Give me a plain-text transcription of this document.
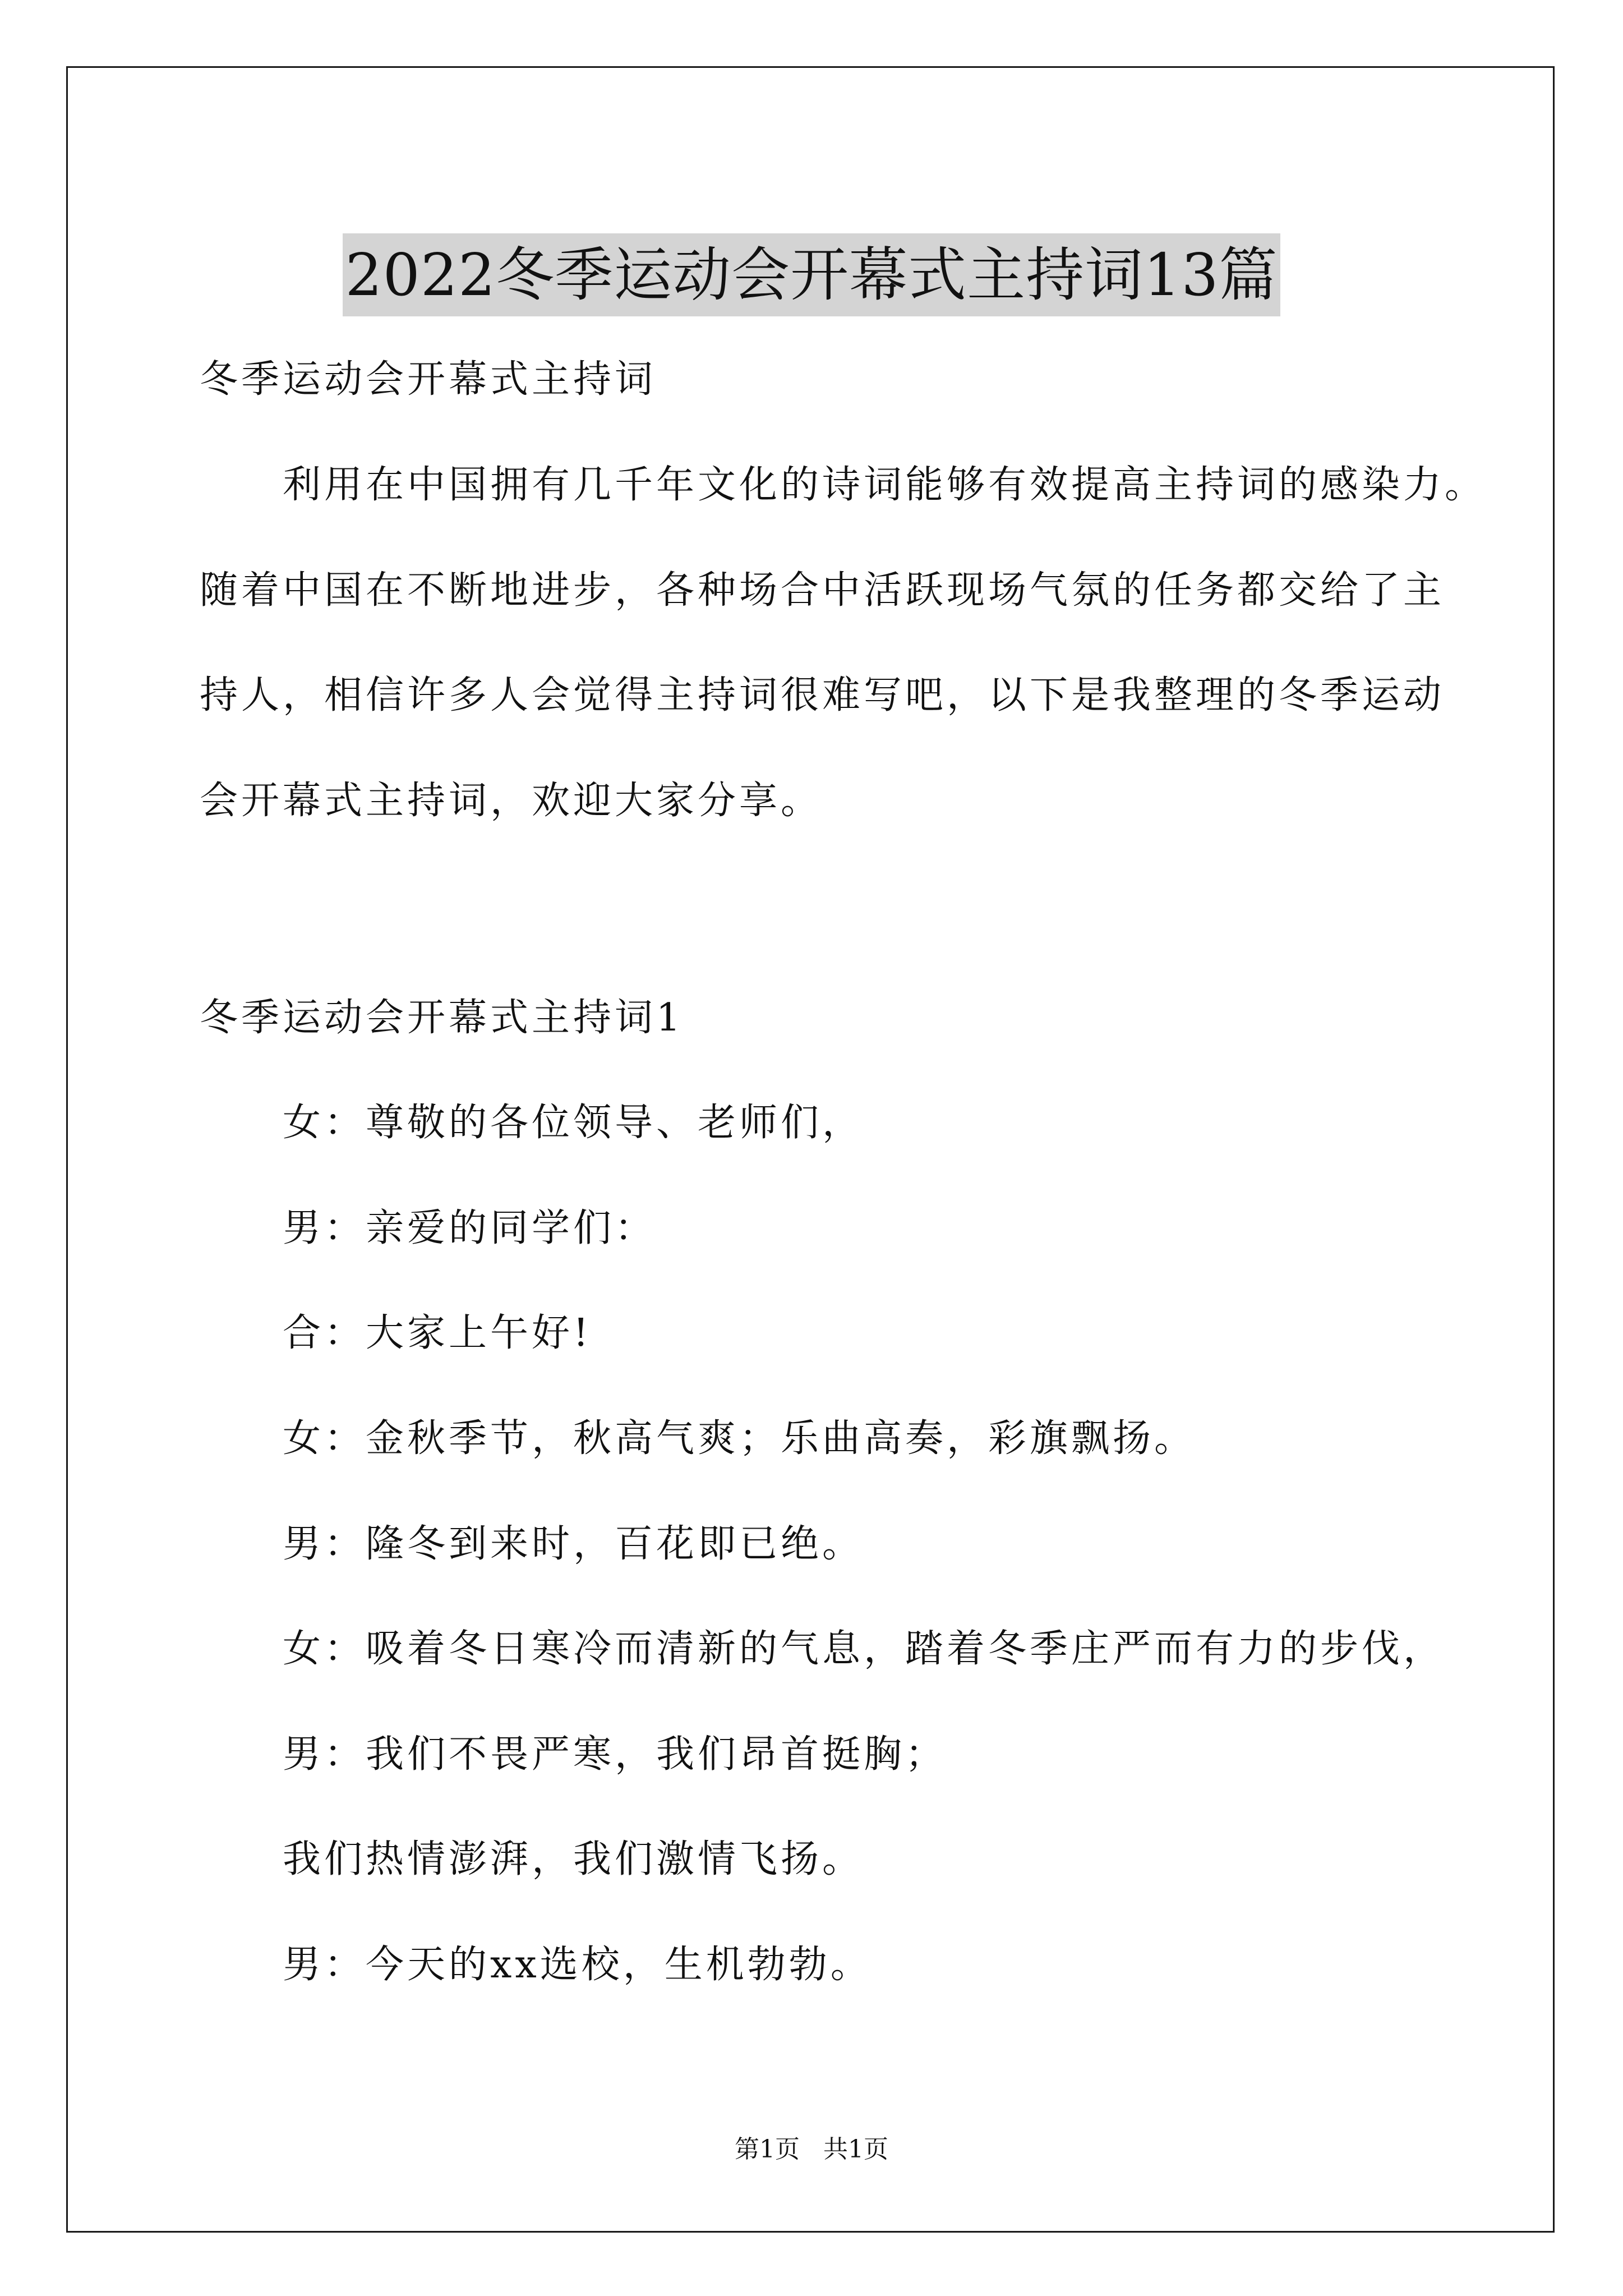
2022冬季运动会开幕式主持词13篇
冬季运动会开幕式主持词
利用在中国拥有几千年文化的诗词能够有效提高主持词的感染力。
随着中国在不断地进步，各种场合中活跃现场气氛的任务都交给了主
持人，相信许多人会觉得主持词很难写吧，以下是我整理的冬季运动
会开幕式主持词，欢迎大家分享。
冬季运动会开幕式主持词1
女：尊敬的各位领导、老师们，
男：亲爱的同学们：
合：大家上午好!
女：金秋季节，秋高气爽；乐曲高奏，彩旗飘扬。
男：隆冬到来时，百花即已绝。
女：吸着冬日寒冷而清新的气息，踏着冬季庄严而有力的步伐，
男：我们不畏严寒，我们昂首挺胸；
我们热情澎湃，我们激情飞扬。
男：今天的xx选校，生机勃勃。
第1页   共1页
